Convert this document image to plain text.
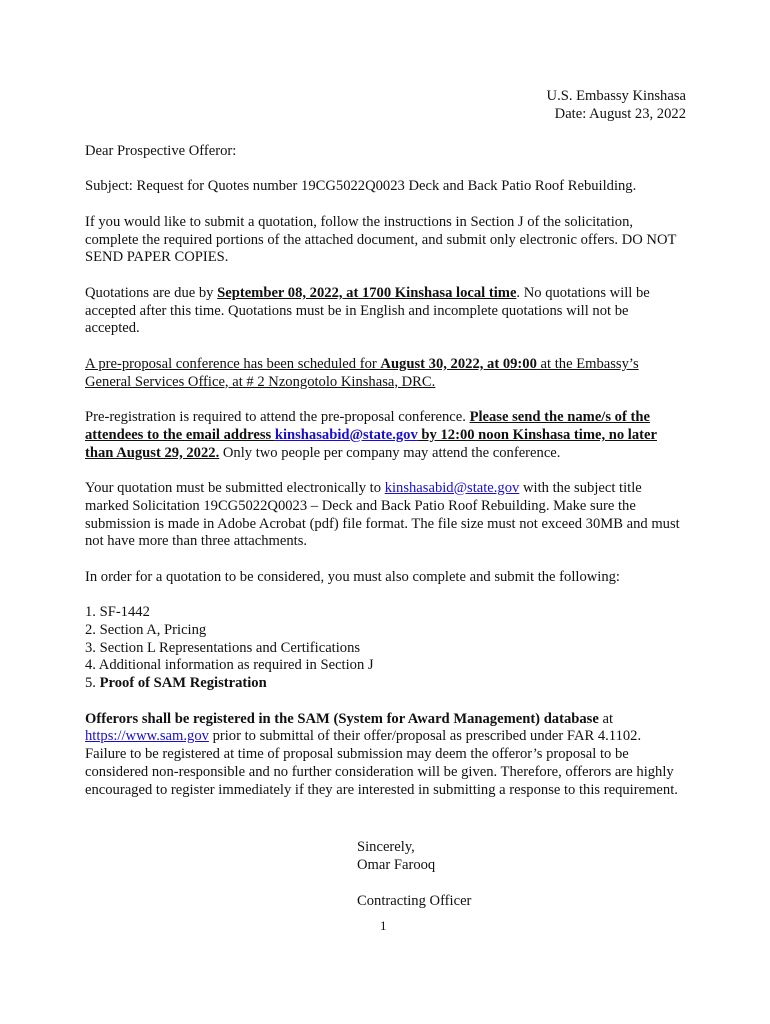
U.S. Embassy Kinshasa
Date: August 23, 2022

Dear Prospective Offeror:

Subject: Request for Quotes number 19CG5022Q0023 Deck and Back Patio Roof Rebuilding.

If you would like to submit a quotation, follow the instructions in Section J of the solicitation, complete the required portions of the attached document, and submit only electronic offers. DO NOT SEND PAPER COPIES.

Quotations are due by September 08, 2022, at 1700 Kinshasa local time. No quotations will be accepted after this time. Quotations must be in English and incomplete quotations will not be accepted.

A pre-proposal conference has been scheduled for August 30, 2022, at 09:00 at the Embassy’s General Services Office, at # 2 Nzongotolo Kinshasa, DRC.

Pre-registration is required to attend the pre-proposal conference. Please send the name/s of the attendees to the email address kinshasabid@state.gov by 12:00 noon Kinshasa time, no later than August 29, 2022. Only two people per company may attend the conference.

Your quotation must be submitted electronically to kinshasabid@state.gov with the subject title marked Solicitation 19CG5022Q0023 – Deck and Back Patio Roof Rebuilding. Make sure the submission is made in Adobe Acrobat (pdf) file format. The file size must not exceed 30MB and must not have more than three attachments.

In order for a quotation to be considered, you must also complete and submit the following:

1. SF-1442
2. Section A, Pricing
3. Section L Representations and Certifications
4. Additional information as required in Section J
5. Proof of SAM Registration

Offerors shall be registered in the SAM (System for Award Management) database at https://www.sam.gov prior to submittal of their offer/proposal as prescribed under FAR 4.1102. Failure to be registered at time of proposal submission may deem the offeror’s proposal to be considered non-responsible and no further consideration will be given. Therefore, offerors are highly encouraged to register immediately if they are interested in submitting a response to this requirement.

Sincerely,
Omar Farooq
Contracting Officer
1
